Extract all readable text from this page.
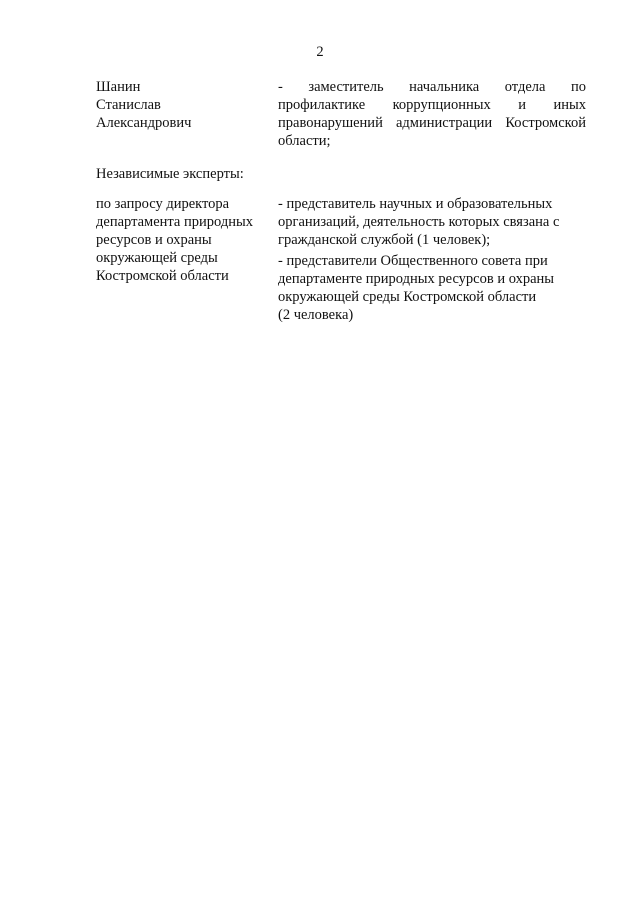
2
Шанин
Станислав
Александрович
- заместитель начальника отдела по
профилактике коррупционных и иных
правонарушений администрации Костромской
области;
Независимые эксперты:
по запросу директора
департамента природных
ресурсов и охраны
окружающей среды
Костромской области
- представитель научных и образовательных
организаций, деятельность которых связана с
гражданской службой (1 человек);
- представители Общественного совета при
департаменте природных ресурсов и охраны
окружающей среды Костромской области
(2 человека)
